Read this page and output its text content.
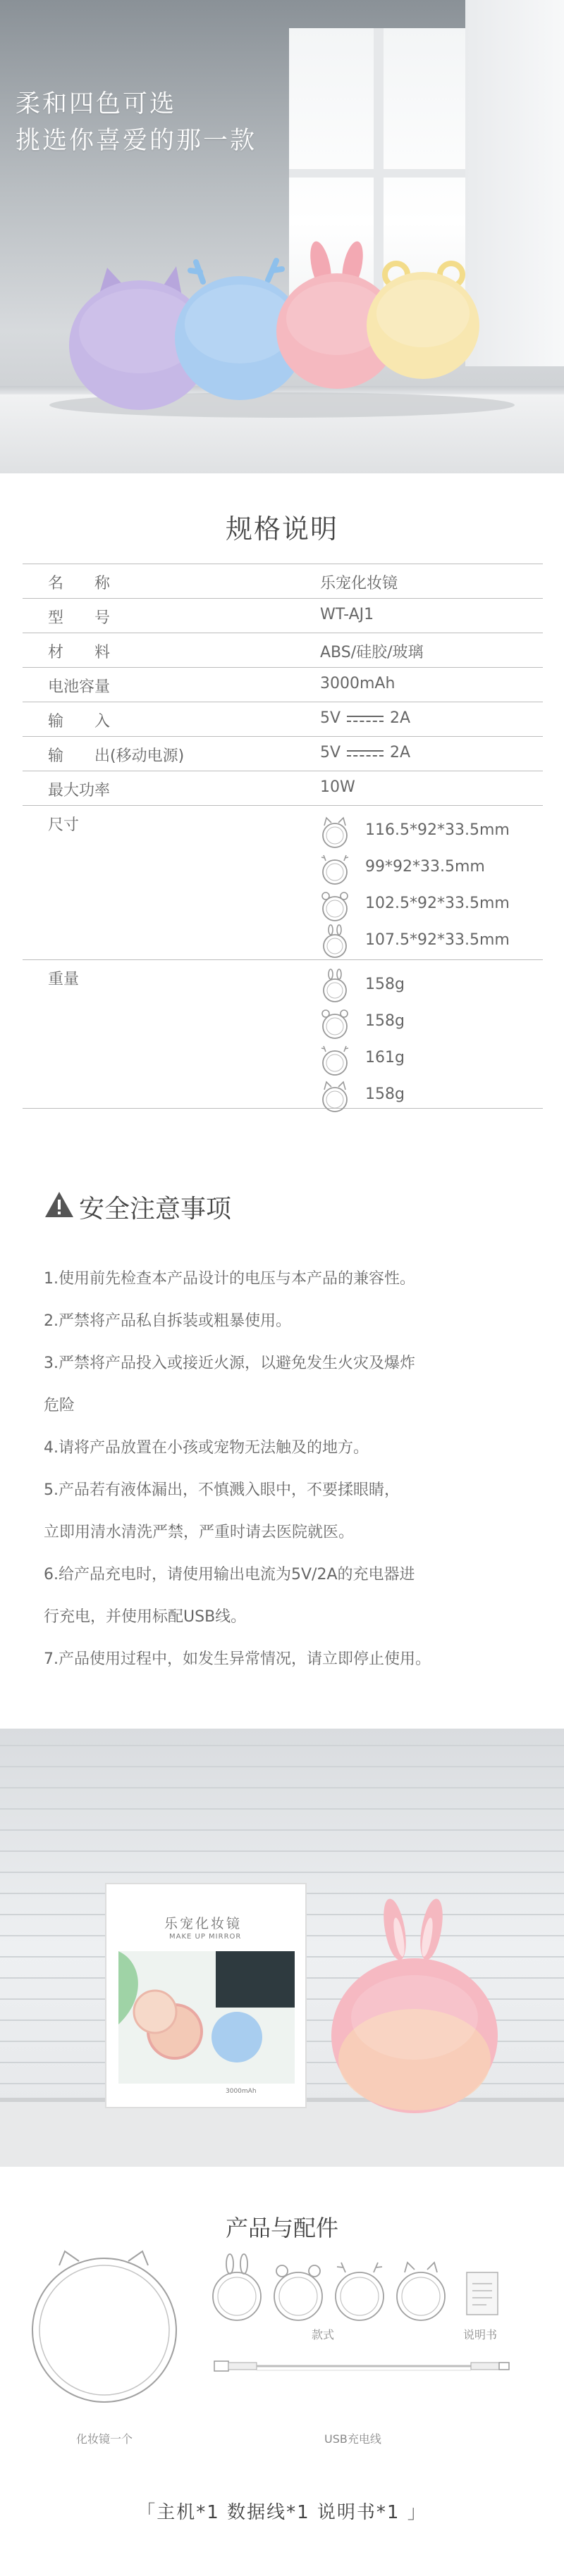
柔和四色可选
挑选你喜爱的那一款
规格说明
名　　称	乐宠化妆镜
型　　号	WT-AJ1
材　　料	ABS/硅胶/玻璃
电池容量	3000mAh
输　　入	5V	2A
输　　出(移动电源)	5V	2A
最大功率	10W
尺寸	116.5*92*33.5mm
99*92*33.5mm
102.5*92*33.5mm
107.5*92*33.5mm
重量	158g
158g
161g
158g
安全注意事项
1.使用前先检查本产品设计的电压与本产品的兼容性。
2.严禁将产品私自拆装或粗暴使用。
3.严禁将产品投入或接近火源，以避免发生火灾及爆炸
危险
4.请将产品放置在小孩或宠物无法触及的地方。
5.产品若有液体漏出，不慎溅入眼中，不要揉眼睛，
立即用清水清洗严禁，严重时请去医院就医。
6.给产品充电时，请使用输出电流为5V/2A的充电器进
行充电，并使用标配USB线。
7.产品使用过程中，如发生异常情况，请立即停止使用。
乐宠化妆镜
MAKE UP MIRROR
3000mAh
产品与配件
化妆镜一个
款式	说明书
USB充电线
「主机*1 数据线*1 说明书*1 」
